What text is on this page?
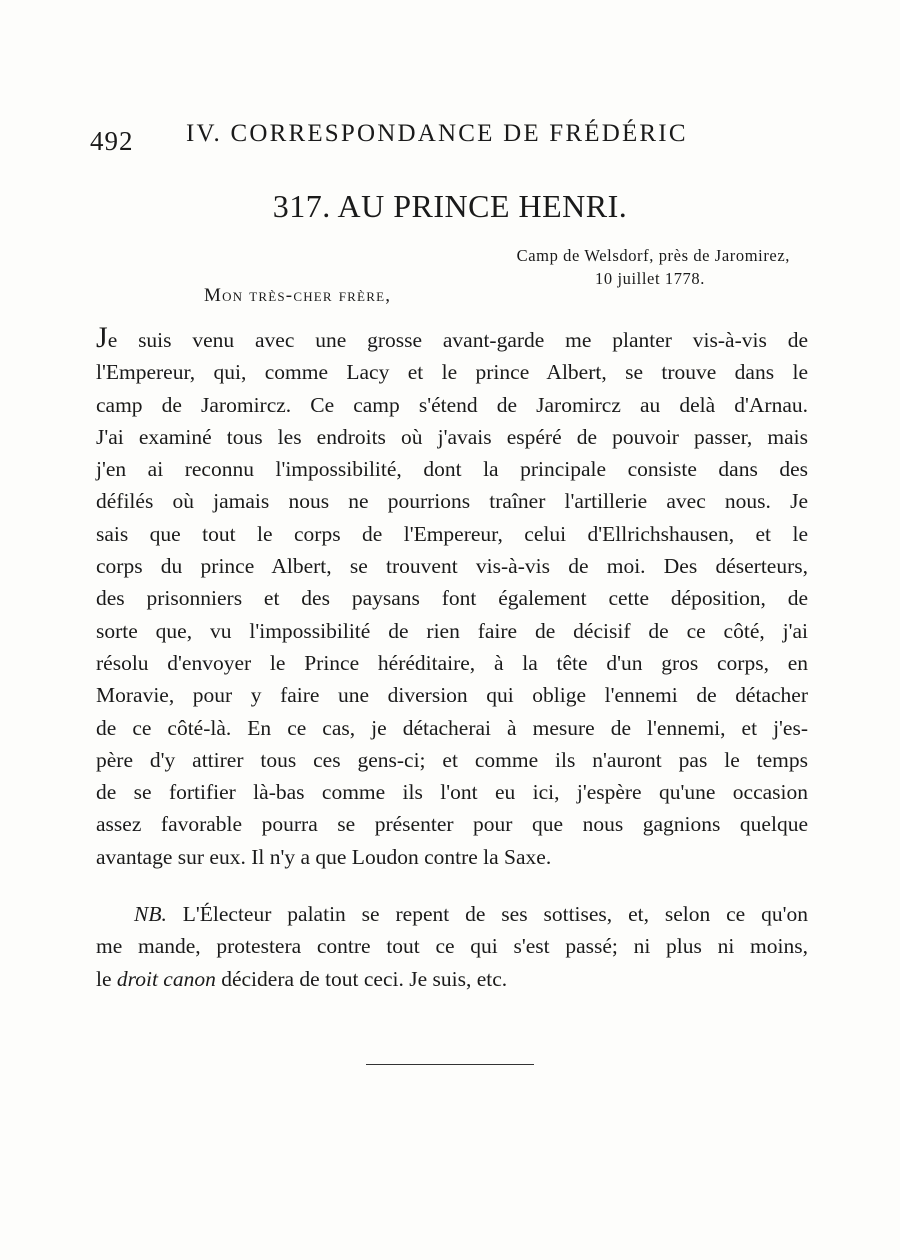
492 IV. CORRESPONDANCE DE FRÉDÉRIC
317. AU PRINCE HENRI.
Camp de Welsdorf, près de Jaromirez,
10 juillet 1778.
Mon très-cher frère,
Je suis venu avec une grosse avant-garde me planter vis-à-vis de
l'Empereur, qui, comme Lacy et le prince Albert, se trouve dans le
camp de Jaromircz. Ce camp s'étend de Jaromircz au delà d'Arnau.
J'ai examiné tous les endroits où j'avais espéré de pouvoir passer, mais
j'en ai reconnu l'impossibilité, dont la principale consiste dans des
défilés où jamais nous ne pourrions traîner l'artillerie avec nous. Je
sais que tout le corps de l'Empereur, celui d'Ellrichshausen, et le
corps du prince Albert, se trouvent vis-à-vis de moi. Des déserteurs,
des prisonniers et des paysans font également cette déposition, de
sorte que, vu l'impossibilité de rien faire de décisif de ce côté, j'ai
résolu d'envoyer le Prince héréditaire, à la tête d'un gros corps, en
Moravie, pour y faire une diversion qui oblige l'ennemi de détacher
de ce côté-là. En ce cas, je détacherai à mesure de l'ennemi, et j'es-
père d'y attirer tous ces gens-ci; et comme ils n'auront pas le temps
de se fortifier là-bas comme ils l'ont eu ici, j'espère qu'une occasion
assez favorable pourra se présenter pour que nous gagnions quelque
avantage sur eux. Il n'y a que Loudon contre la Saxe.
NB. L'Électeur palatin se repent de ses sottises, et, selon ce qu'on
me mande, protestera contre tout ce qui s'est passé; ni plus ni moins,
le droit canon décidera de tout ceci. Je suis, etc.
